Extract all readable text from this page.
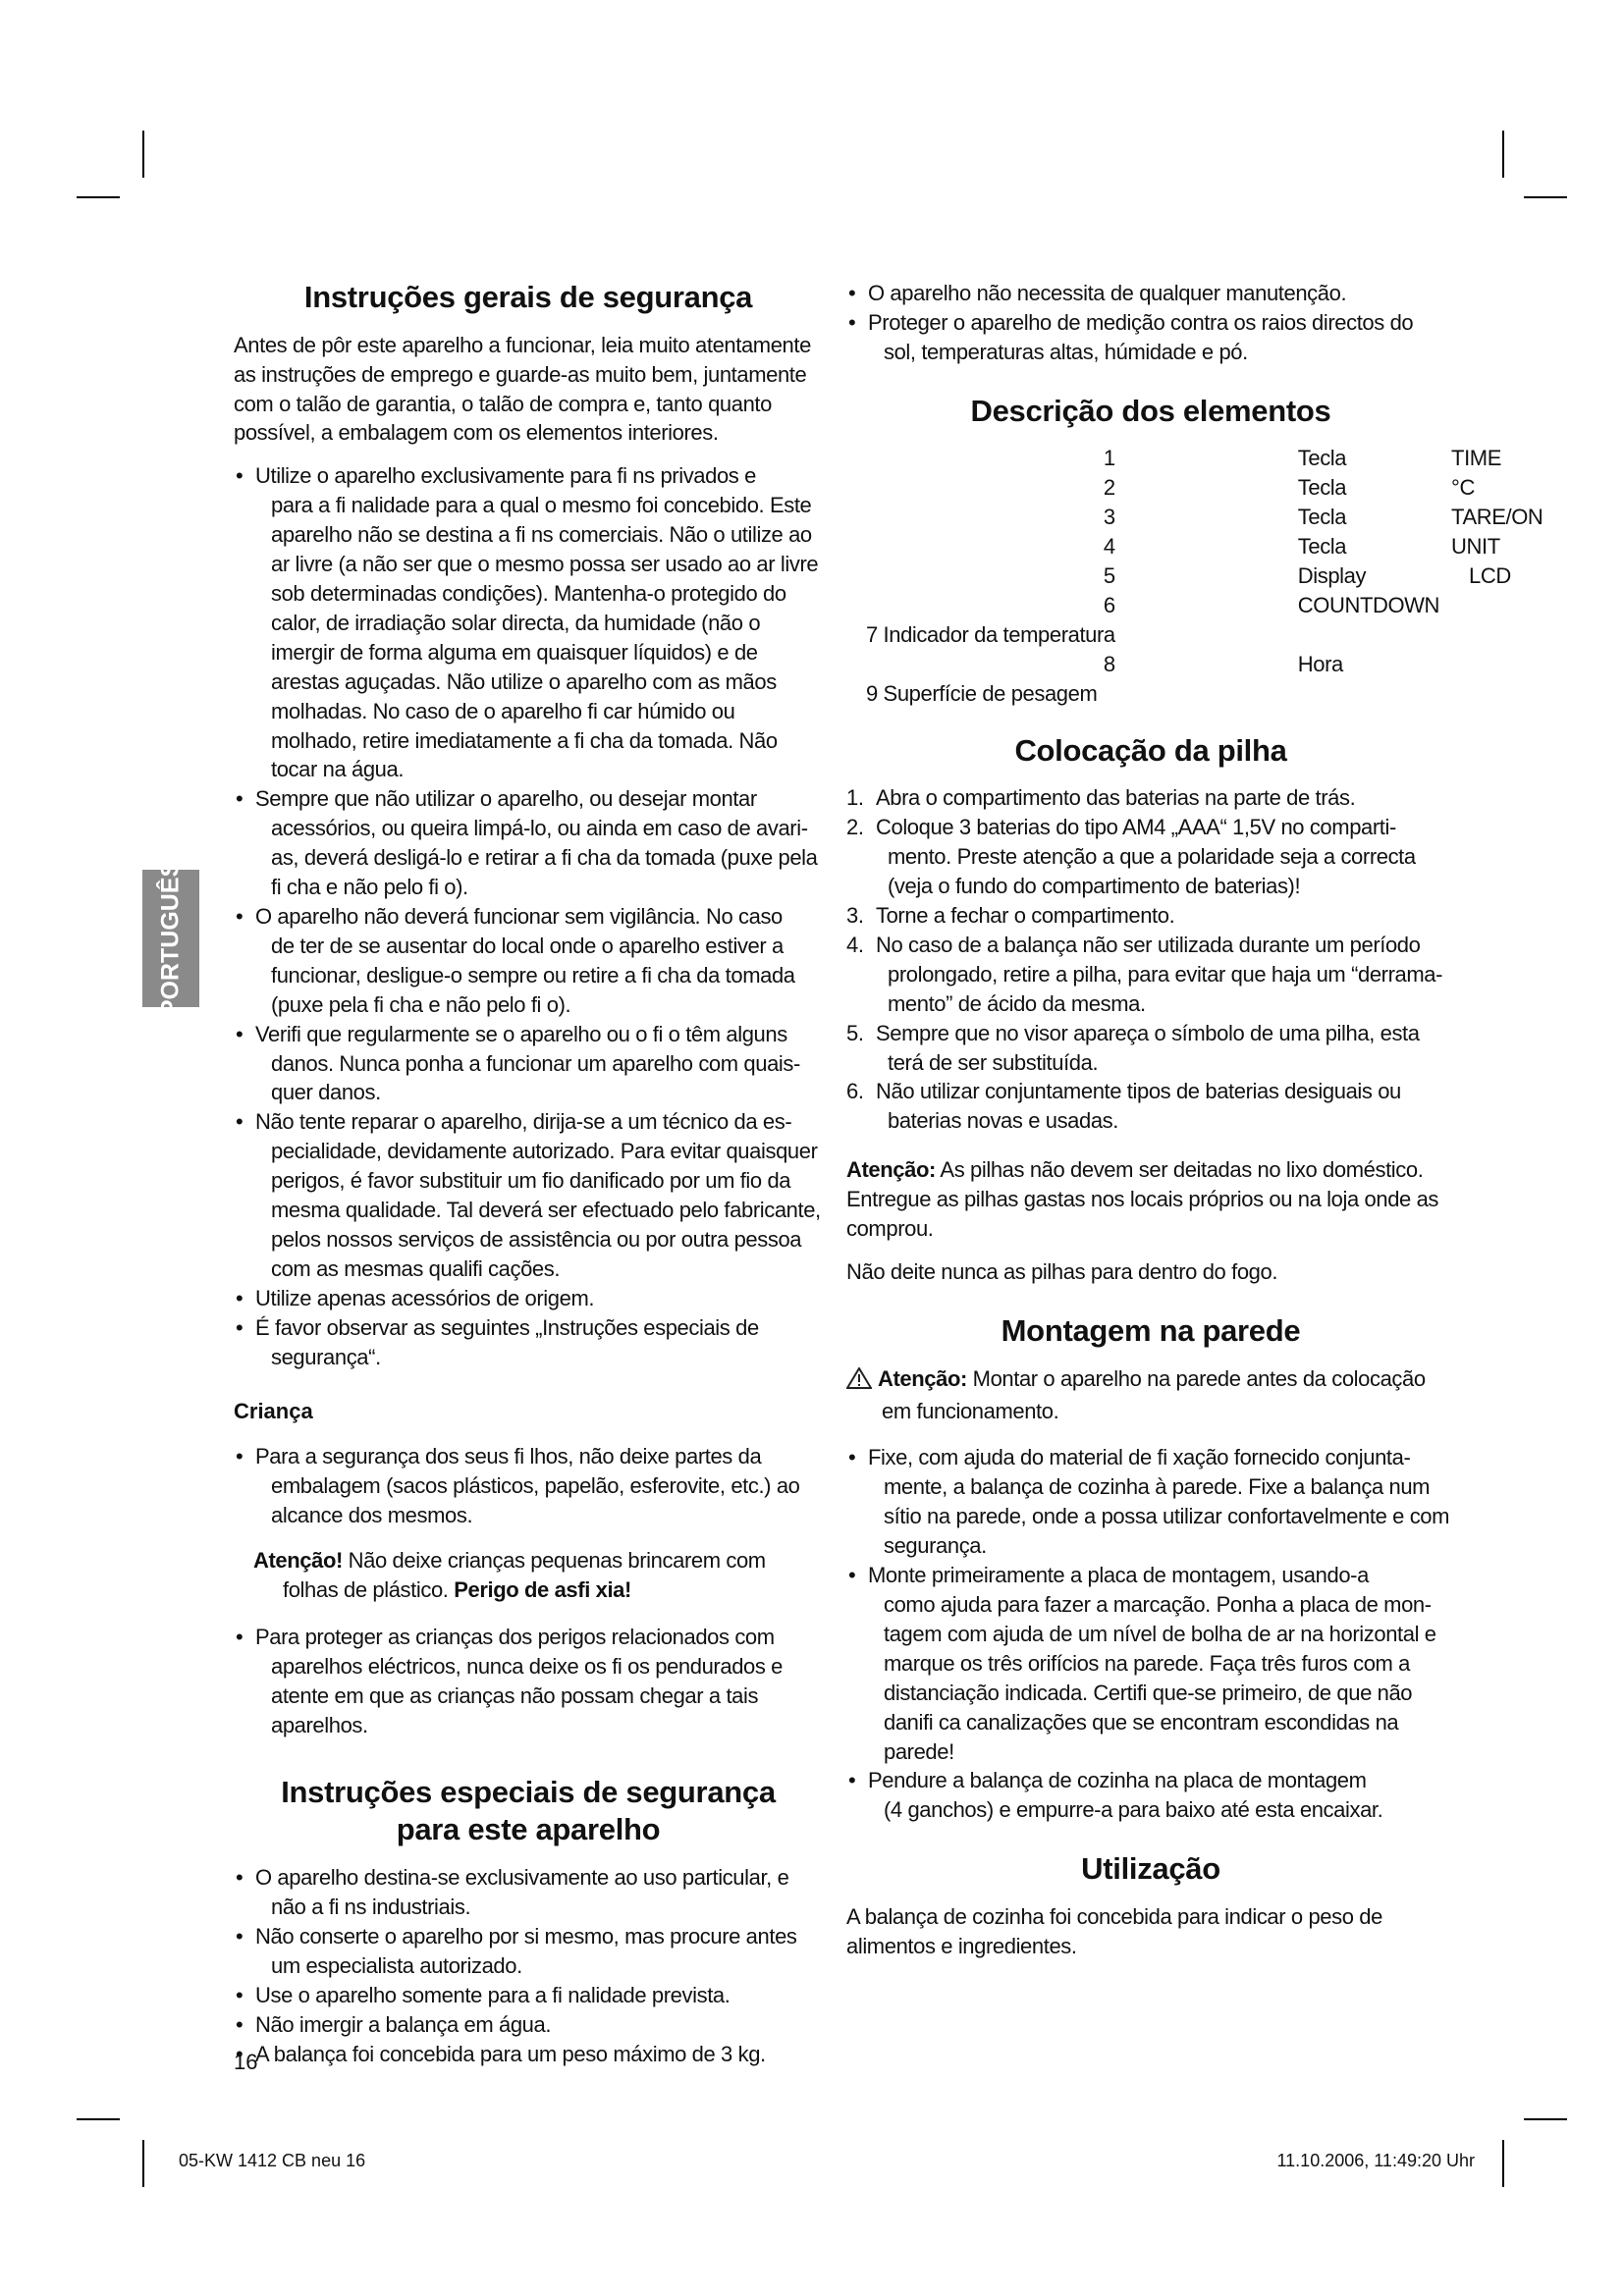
PORTUGUÊS
Instruções gerais de segurança

Antes de pôr este aparelho a funcionar, leia muito atentamente as instruções de emprego e guarde-as muito bem, juntamente com o talão de garantia, o talão de compra e, tanto quanto possível, a embalagem com os elementos interiores.

• Utilize o aparelho exclusivamente para fi ns privados e
para a fi nalidade para a qual o mesmo foi concebido. Este aparelho não se destina a fi ns comerciais. Não o utilize ao ar livre (a não ser que o mesmo possa ser usado ao ar livre sob determinadas condições). Mantenha-o protegido do calor, de irradiação solar directa, da humidade (não o imergir de forma alguma em quaisquer líquidos) e de arestas aguçadas. Não utilize o aparelho com as mãos molhadas. No caso de o aparelho fi car húmido ou molhado, retire imediatamente a fi cha da tomada. Não tocar na água.
• Sempre que não utilizar o aparelho, ou desejar montar
acessórios, ou queira limpá-lo, ou ainda em caso de avari-as, deverá desligá-lo e retirar a fi cha da tomada (puxe pela fi cha e não pelo fi o).
• O aparelho não deverá funcionar sem vigilância. No caso
de ter de se ausentar do local onde o aparelho estiver a funcionar, desligue-o sempre ou retire a fi cha da tomada (puxe pela fi cha e não pelo fi o).
• Verifi que regularmente se o aparelho ou o fi o têm alguns
danos. Nunca ponha a funcionar um aparelho com quais-quer danos.
• Não tente reparar o aparelho, dirija-se a um técnico da es-
pecialidade, devidamente autorizado. Para evitar quaisquer perigos, é favor substituir um fio danificado por um fio da mesma qualidade. Tal deverá ser efectuado pelo fabricante, pelos nossos serviços de assistência ou por outra pessoa com as mesmas qualifi cações.
• Utilize apenas acessórios de origem.
• É favor observar as seguintes „Instruções especiais de
segurança“.
Criança
• Para a segurança dos seus fi lhos, não deixe partes da
embalagem (sacos plásticos, papelão, esferovite, etc.) ao alcance dos mesmos.
Atenção! Não deixe crianças pequenas brincarem com
folhas de plástico. Perigo de asfi xia!
• Para proteger as crianças dos perigos relacionados com
aparelhos eléctricos, nunca deixe os fi os pendurados e atente em que as crianças não possam chegar a tais aparelhos.
Instruções especiais de segurança para este aparelho
• O aparelho destina-se exclusivamente ao uso particular, e
não a fi ns industriais.
• Não conserte o aparelho por si mesmo, mas procure antes
um especialista autorizado.
• Use o aparelho somente para a fi nalidade prevista.
• Não imergir a balança em água.
• A balança foi concebida para um peso máximo de 3 kg.
• O aparelho não necessita de qualquer manutenção.
• Proteger o aparelho de medição contra os raios directos do
sol, temperaturas altas, húmidade e pó.
Descrição dos elementos
1	Tecla	TIME
2	Tecla	°C
3	Tecla	TARE/ON
4	Tecla	UNIT
5	Display	LCD
6	COUNTDOWN	
7 Indicador da temperatura		
8	Hora	
9 Superfície de pesagem		
Colocação da pilha
1. Abra o compartimento das baterias na parte de trás.
2. Coloque 3 baterias do tipo AM4 „AAA“ 1,5V no comparti-
mento. Preste atenção a que a polaridade seja a correcta (veja o fundo do compartimento de baterias)!
3. Torne a fechar o compartimento.
4. No caso de a balança não ser utilizada durante um período
prolongado, retire a pilha, para evitar que haja um “derrama-mento” de ácido da mesma.
5. Sempre que no visor apareça o símbolo de uma pilha, esta
terá de ser substituída.
6. Não utilizar conjuntamente tipos de baterias desiguais ou
baterias novas e usadas.

Atenção: As pilhas não devem ser deitadas no lixo doméstico. Entregue as pilhas gastas nos locais próprios ou na loja onde as comprou.

Não deite nunca as pilhas para dentro do fogo.

Montagem na parede
Atenção: Montar o aparelho na parede antes da colocação
em funcionamento.
• Fixe, com ajuda do material de fi xação fornecido conjunta-
mente, a balança de cozinha à parede. Fixe a balança num sítio na parede, onde a possa utilizar confortavelmente e com segurança.
• Monte primeiramente a placa de montagem, usando-a
como ajuda para fazer a marcação. Ponha a placa de mon-tagem com ajuda de um nível de bolha de ar na horizontal e marque os três orifícios na parede. Faça três furos com a distanciação indicada. Certifi que-se primeiro, de que não danifi ca canalizações que se encontram escondidas na parede!
• Pendure a balança de cozinha na placa de montagem
(4 ganchos) e empurre-a para baixo até esta encaixar.
Utilização

A balança de cozinha foi concebida para indicar o peso de alimentos e ingredientes.

16
05-KW 1412 CB neu 16	11.10.2006, 11:49:20 Uhr
